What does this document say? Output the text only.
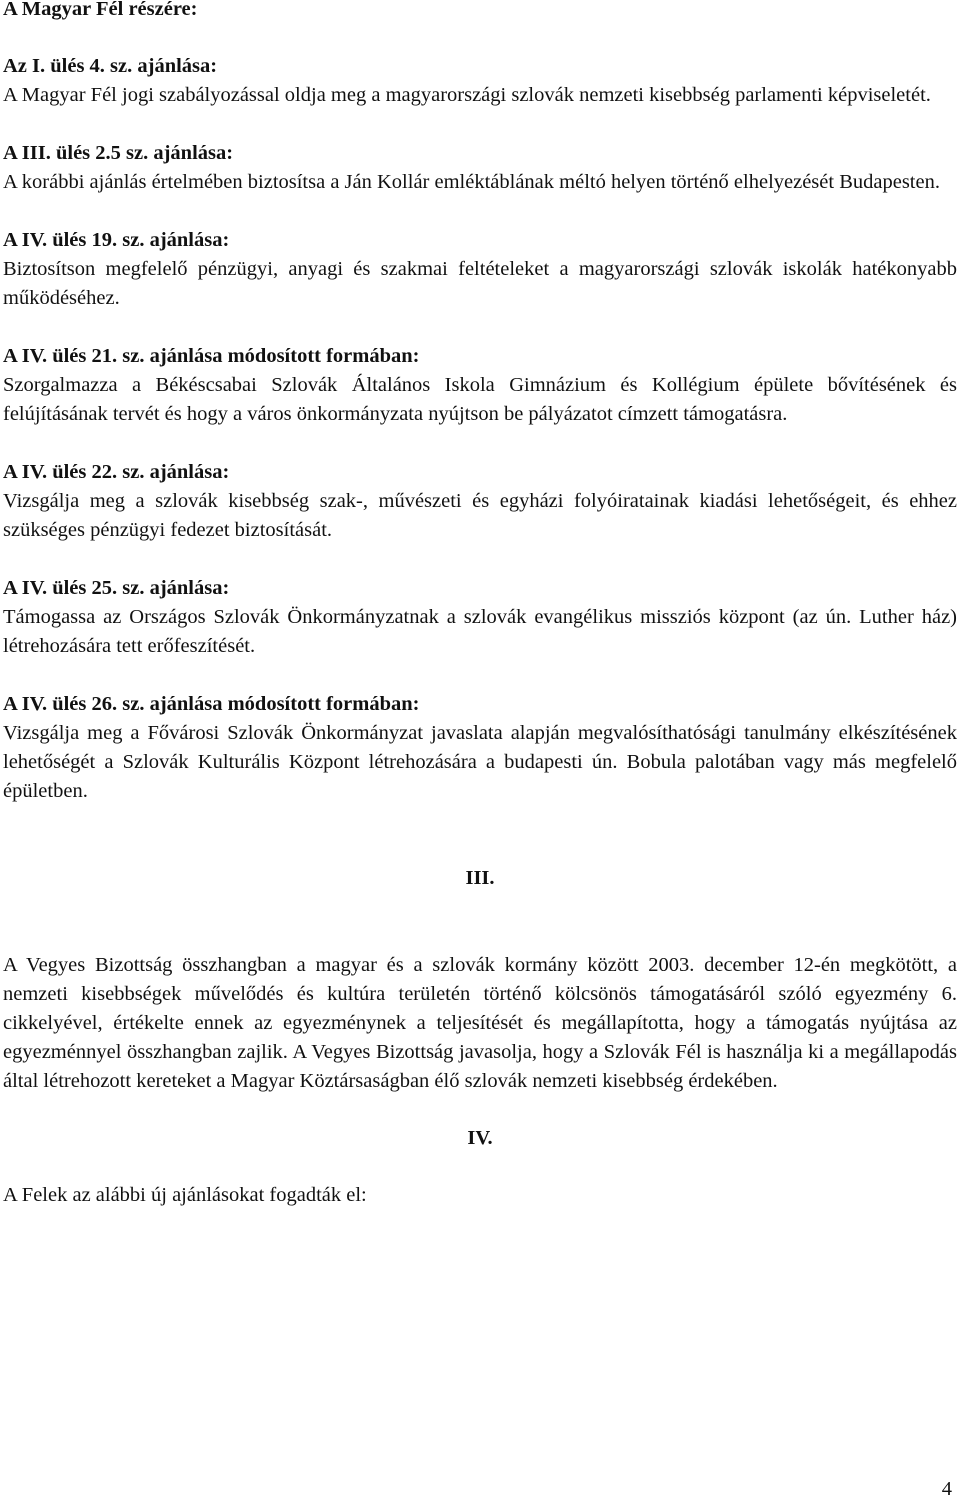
A Magyar Fél részére:

Az I. ülés 4. sz. ajánlása:

A Magyar Fél jogi szabályozással oldja meg a magyarországi szlovák nemzeti kisebbség parlamenti képviseletét.

A III. ülés 2.5 sz. ajánlása:

A korábbi ajánlás értelmében biztosítsa a Ján Kollár emléktáblának méltó helyen történő elhelyezését Budapesten.

A IV. ülés 19. sz. ajánlása:

Biztosítson megfelelő pénzügyi, anyagi és szakmai feltételeket a magyarországi szlovák iskolák hatékonyabb működéséhez.

A IV. ülés 21. sz. ajánlása módosított formában:

Szorgalmazza a Békéscsabai Szlovák Általános Iskola Gimnázium és Kollégium épülete bővítésének és felújításának tervét és hogy a város önkormányzata nyújtson be pályázatot címzett támogatásra.

A IV. ülés 22. sz. ajánlása:

Vizsgálja meg a szlovák kisebbség szak-, művészeti és egyházi folyóiratainak kiadási lehetőségeit, és ehhez szükséges pénzügyi fedezet biztosítását.

A IV. ülés 25. sz. ajánlása:

Támogassa az Országos Szlovák Önkormányzatnak a szlovák evangélikus missziós központ (az ún. Luther ház) létrehozására tett erőfeszítését.

A IV. ülés 26. sz. ajánlása módosított formában:

Vizsgálja meg a Fővárosi Szlovák Önkormányzat javaslata alapján megvalósíthatósági tanulmány elkészítésének lehetőségét a Szlovák Kulturális Központ létrehozására a budapesti ún. Bobula palotában vagy más megfelelő épületben.

III.

A Vegyes Bizottság összhangban a magyar és a szlovák kormány között 2003. december 12-én megkötött, a nemzeti kisebbségek művelődés és kultúra területén történő kölcsönös támogatásáról szóló egyezmény 6. cikkelyével, értékelte ennek az egyezménynek a teljesítését és megállapította, hogy a támogatás nyújtása az egyezménnyel összhangban zajlik. A Vegyes Bizottság javasolja, hogy a Szlovák Fél is használja ki a megállapodás által létrehozott kereteket a Magyar Köztársaságban élő szlovák nemzeti kisebbség érdekében.

IV.

A Felek az alábbi új ajánlásokat fogadták el:

4
